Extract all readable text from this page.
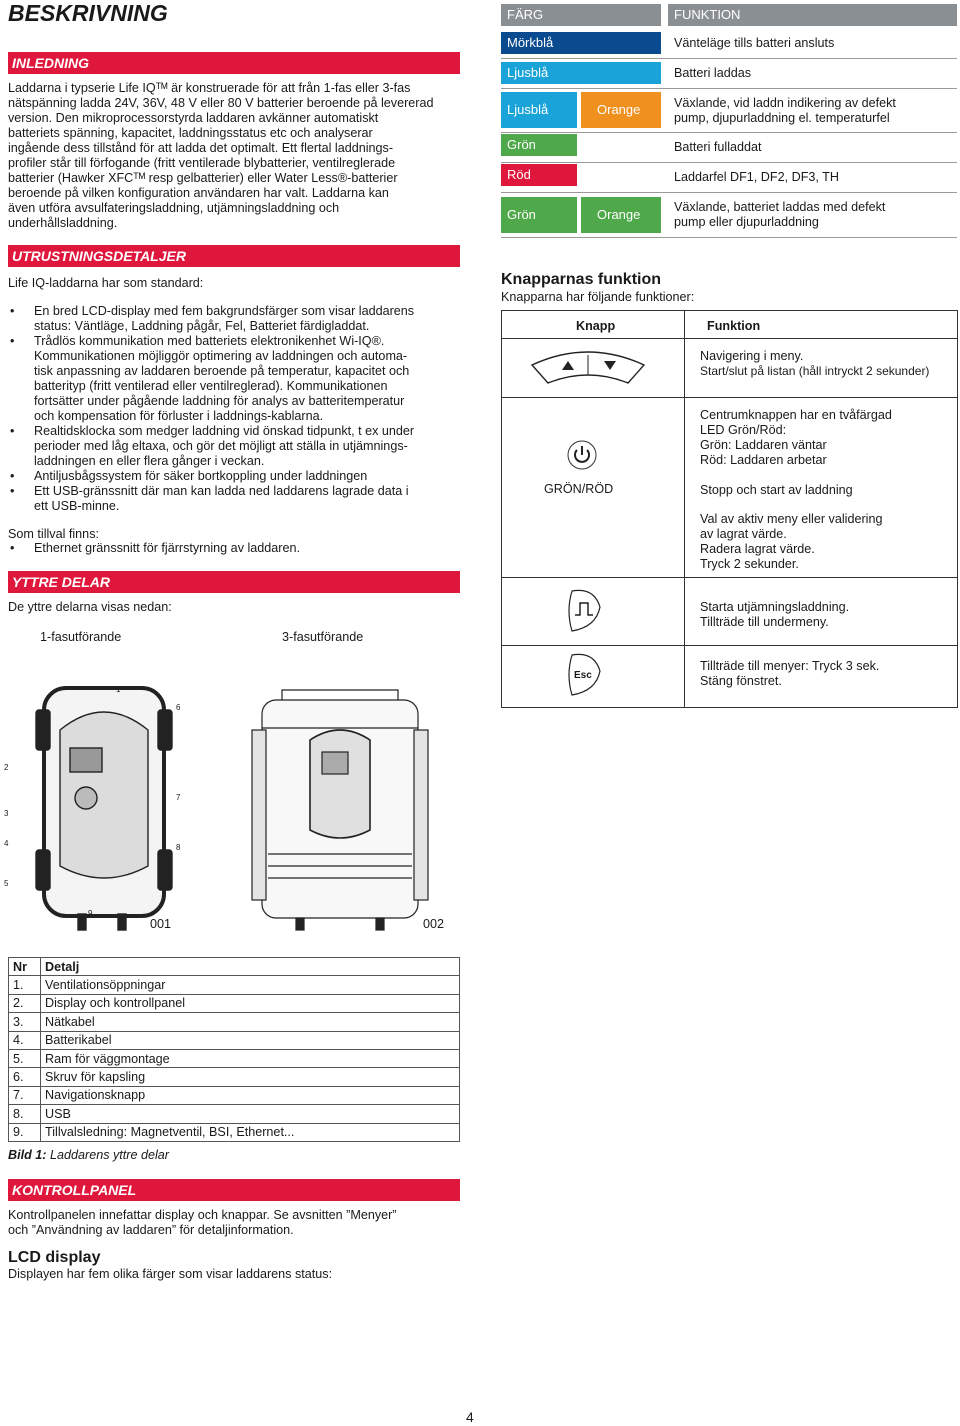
BESKRIVNING
INLEDNING

Laddarna i typserie Life IQᵀᴹ är konstruerade för att från 1-fas eller 3-fas

nätspänning ladda 24V, 36V, 48 V eller 80 V batterier beroende på levererad

version. Den mikroprocessorstyrda laddaren avkänner automatiskt

batteriets spänning, kapacitet, laddningsstatus etc och analyserar

ingående dess tillstånd för att ladda det optimalt. Ett flertal laddnings-

profiler står till förfogande (fritt ventilerade blybatterier, ventilreglerade

batterier (Hawker XFCᵀᴹ resp gelbatterier) eller Water Less®-batterier

beroende på vilken konfiguration användaren har valt. Laddarna kan

även utföra avsulfateringsladdning, utjämningsladdning och

underhållsladdning.

UTRUSTNINGSDETALJER
Life IQ-laddarna har som standard:
• En bred LCD-display med fem bakgrundsfärger som visar laddarens
status: Väntläge, Laddning pågår, Fel, Batteriet färdigladdat.
• Trådlös kommunikation med batteriets elektronikenhet Wi-IQ®.
Kommunikationen möjliggör optimering av laddningen och automa-
tisk anpassning av laddaren beroende på temperatur, kapacitet och
batterityp (fritt ventilerad eller ventilreglerad). Kommunikationen
fortsätter under pågående laddning för analys av batteritemperatur
och kompensation för förluster i laddnings-kablarna.
• Realtidsklocka som medger laddning vid önskad tidpunkt, t ex under
perioder med låg eltaxa, och gör det möjligt att ställa in utjämnings-
laddningen en eller flera gånger i veckan.
• Antiljusbågssystem för säker bortkoppling under laddningen
• Ett USB-gränssnitt där man kan ladda ned laddarens lagrade data i
ett USB-minne.
Som tillval finns:
• Ethernet gränssnitt för fjärrstyrning av laddaren.
YTTRE DELAR
De yttre delarna visas nedan:
1-fasutförande	3-fasutförande
1
2
3
4
5
6
7
8
9
001	002
Nr	Detalj
1.	Ventilationsöppningar
2.	Display och kontrollpanel
3.	Nätkabel
4.	Batterikabel
5.	Ram för väggmontage
6.	Skruv för kapsling
7.	Navigationsknapp
8.	USB
9.	Tillvalsledning: Magnetventil, BSI, Ethernet...
Bild 1: Laddarens yttre delar
KONTROLLPANEL

Kontrollpanelen innefattar display och knappar. Se avsnitten ”Menyer”

och ”Användning av laddaren” för detaljinformation.

LCD display
Displayen har fem olika färger som visar laddarens status:
FÄRG	FUNKTION
Mörkblå	Vänteläge tills batteri ansluts
Ljusblå	Batteri laddas
Ljusblå	Orange	Växlande, vid laddn indikering av defekt
pump, djupurladdning el. temperaturfel
Grön	Batteri fulladdat
Röd	Laddarfel DF1, DF2, DF3, TH
Grön	Orange	Växlande, batteriet laddas med defekt
pump eller djupurladdning
Knapparnas funktion
Knapparna har följande funktioner:
Knapp	Funktion
Navigering i meny.
Start/slut på listan (håll intryckt 2 sekunder)
GRÖN/RÖD
Centrumknappen har en tvåfärgad
LED Grön/Röd:
Grön: Laddaren väntar
Röd: Laddaren arbetar
Stopp och start av laddning
Val av aktiv meny eller validering
av lagrat värde.
Radera lagrat värde.
Tryck 2 sekunder.
Starta utjämningsladdning.
Tillträde till undermeny.
Esc
Tillträde till menyer: Tryck 3 sek.
Stäng fönstret.
4
